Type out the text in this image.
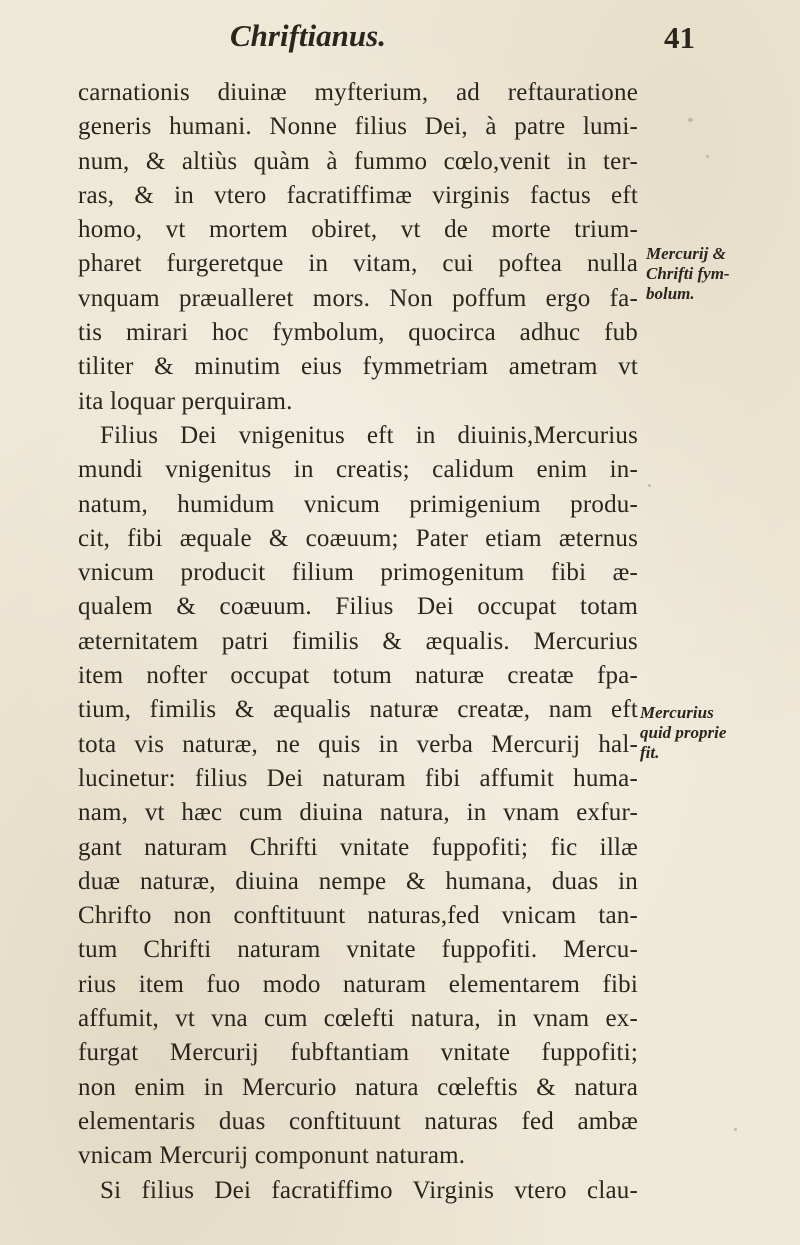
Chriftianus.	41
carnationis diuinæ myfterium, ad reftauratione
generis humani. Nonne filius Dei, à patre lumi-
num, & altiùs quàm à fummo cœlo,venit in ter-
ras, & in vtero facratiffimæ virginis factus eft
homo, vt mortem obiret, vt de morte trium-
pharet furgeretque in vitam, cui poftea nulla
vnquam præualleret mors. Non poffum ergo fa-
tis mirari hoc fymbolum, quocirca adhuc fub
tiliter & minutim eius fymmetriam ametram vt
ita loquar perquiram.
Filius Dei vnigenitus eft in diuinis,Mercurius
mundi vnigenitus in creatis; calidum enim in-
natum, humidum vnicum primigenium produ-
cit, fibi æquale & coæuum; Pater etiam æternus
vnicum producit filium primogenitum fibi æ-
qualem & coæuum. Filius Dei occupat totam
æternitatem patri fimilis & æqualis. Mercurius
item nofter occupat totum naturæ creatæ fpa-
tium, fimilis & æqualis naturæ creatæ, nam eft
tota vis naturæ, ne quis in verba Mercurij hal-
lucinetur: filius Dei naturam fibi affumit huma-
nam, vt hæc cum diuina natura, in vnam exfur-
gant naturam Chrifti vnitate fuppofiti; fic illæ
duæ naturæ, diuina nempe & humana, duas in
Chrifto non conftituunt naturas,fed vnicam tan-
tum Chrifti naturam vnitate fuppofiti. Mercu-
rius item fuo modo naturam elementarem fibi
affumit, vt vna cum cœlefti natura, in vnam ex-
furgat Mercurij fubftantiam vnitate fuppofiti;
non enim in Mercurio natura cœleftis & natura
elementaris duas conftituunt naturas fed ambæ
vnicam Mercurij componunt naturam.
Si filius Dei facratiffimo Virginis vtero clau-
Mercurij &
Chrifti fym-
bolum.
Mercurius
quid proprie
fit.
